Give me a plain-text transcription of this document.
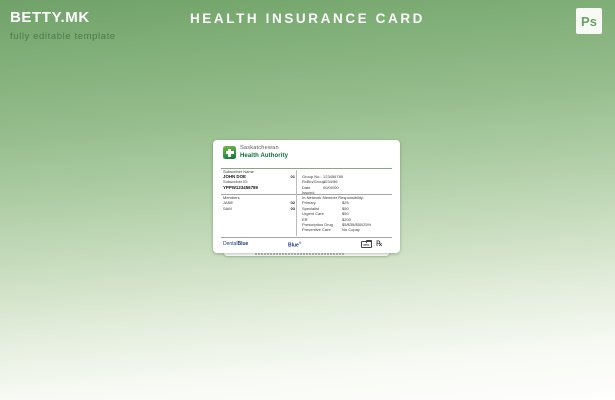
BETTY.MK
fully editable template
HEALTH INSURANCE CARD	Ps
Saskatchewan
Health Authority
Subscriber Name
JOHN DOE	01
Subscriber ID:
YPPW123456789
Group No.: 123456789
RxBin/Group:
1234/56
Date Issued:
00/00/00
Members
JANE	02
SAM	03
In-Network Member Responsibility:
Primary	$25
Specialist	$50
Urgent Care	$50
ER	$200
Prescription Drug	$5/$35/$50/25%
Preventive Care	No Copay
DentalBlue	Blue®	PPO ℞
